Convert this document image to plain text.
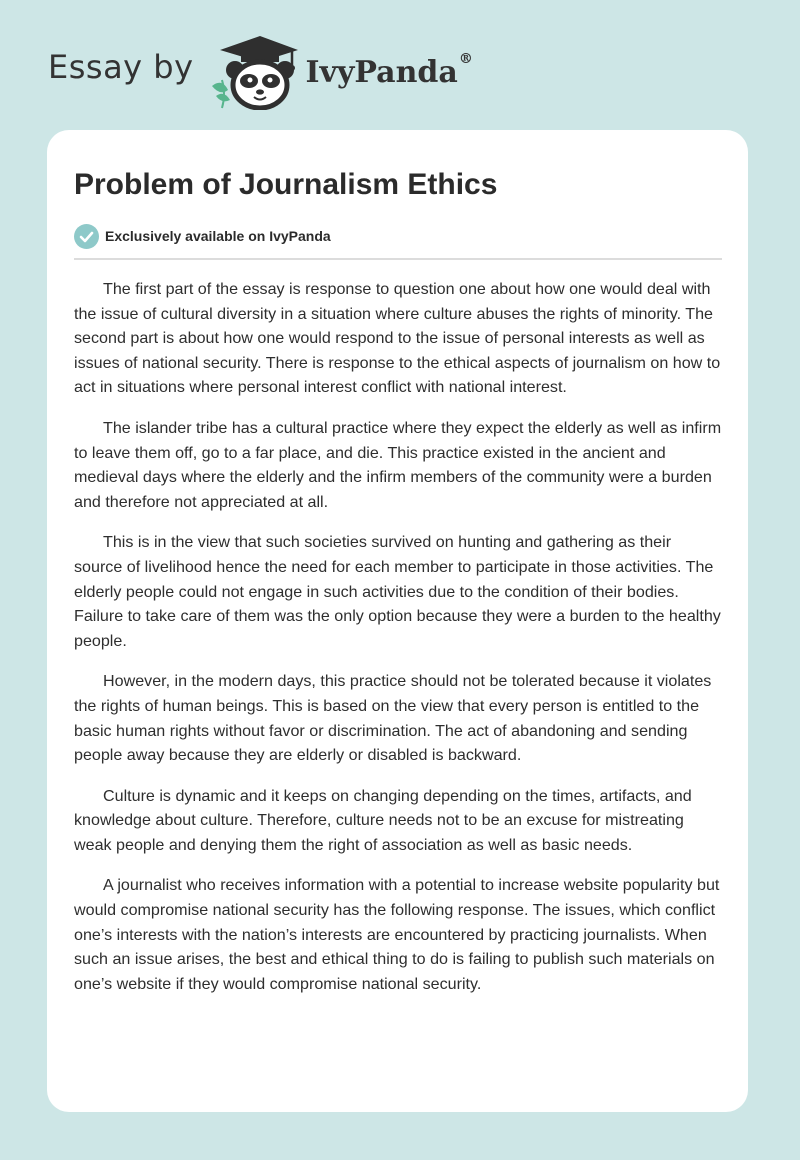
Essay by	IvyPanda®
Problem of Journalism Ethics
Exclusively available on IvyPanda

The first part of the essay is response to question one about how one would deal with the issue of cultural diversity in a situation where culture abuses the rights of minority. The second part is about how one would respond to the issue of personal interests as well as issues of national security. There is response to the ethical aspects of journalism on how to act in situations where personal interest conflict with national interest.

The islander tribe has a cultural practice where they expect the elderly as well as infirm to leave them off, go to a far place, and die. This practice existed in the ancient and medieval days where the elderly and the infirm members of the community were a burden and therefore not appreciated at all.

This is in the view that such societies survived on hunting and gathering as their source of livelihood hence the need for each member to participate in those activities. The elderly people could not engage in such activities due to the condition of their bodies. Failure to take care of them was the only option because they were a burden to the healthy people.

However, in the modern days, this practice should not be tolerated because it violates the rights of human beings. This is based on the view that every person is entitled to the basic human rights without favor or discrimination. The act of abandoning and sending people away because they are elderly or disabled is backward.

Culture is dynamic and it keeps on changing depending on the times, artifacts, and knowledge about culture. Therefore, culture needs not to be an excuse for mistreating weak people and denying them the right of association as well as basic needs.

A journalist who receives information with a potential to increase website popularity but would compromise national security has the following response. The issues, which conflict one’s interests with the nation’s interests are encountered by practicing journalists. When such an issue arises, the best and ethical thing to do is failing to publish such materials on one’s website if they would compromise national security.
